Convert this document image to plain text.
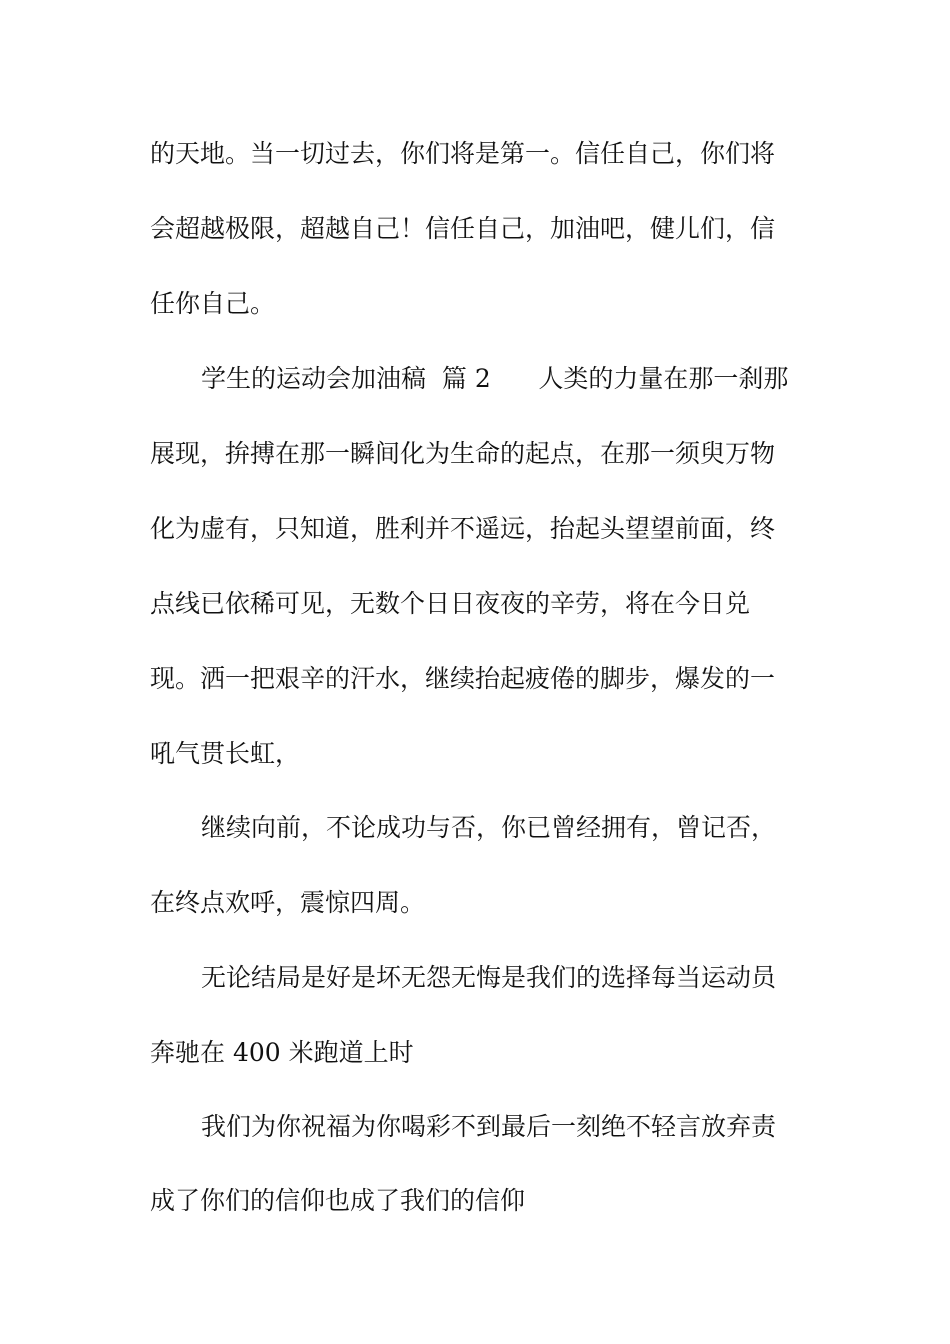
的天地。当一切过去，你们将是第一。信任自己，你们将

会超越极限，超越自己！信任自己，加油吧，健儿们，信

任你自己。

学生的运动会加油稿  篇 2      人类的力量在那一刹那

展现，拚搏在那一瞬间化为生命的起点，在那一须臾万物

化为虚有，只知道，胜利并不遥远，抬起头望望前面，终

点线已依稀可见，无数个日日夜夜的辛劳，将在今日兑

现。洒一把艰辛的汗水，继续抬起疲倦的脚步，爆发的一

吼气贯长虹，

继续向前，不论成功与否，你已曾经拥有，曾记否，

在终点欢呼，震惊四周。

无论结局是好是坏无怨无悔是我们的选择每当运动员

奔驰在 400 米跑道上时

我们为你祝福为你喝彩不到最后一刻绝不轻言放弃责

成了你们的信仰也成了我们的信仰
